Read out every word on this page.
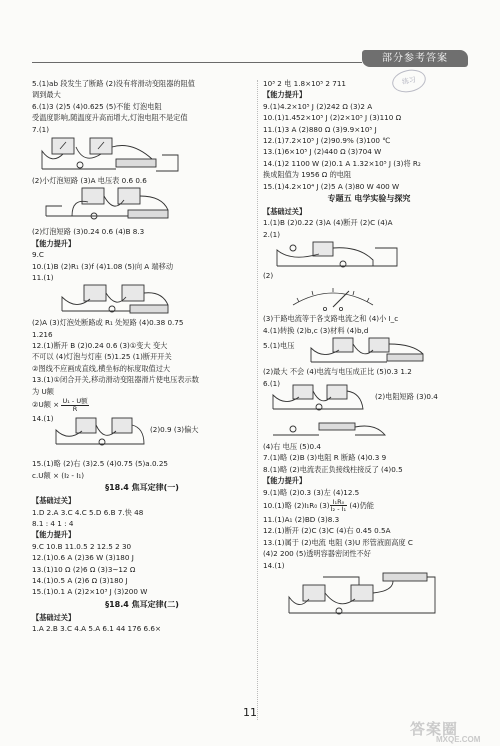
部分参考答案
练习
5.(1)ab 段发生了断路 (2)没有将滑动变阻器的阻值
调到最大
6.(1)3 (2)5 (4)0.625 (5)不能 灯泡电阻
受温度影响,随温度升高而增大,灯泡电阻不是定值
7.(1)
(2)小灯泡短路 (3)A 电压表 0.6 0.6
(2)灯泡短路 (3)0.24 0.6 (4)B 8.3
【能力提升】
9.C
10.(1)B (2)R₁ (3)f (4)1.08 (5)向 A 端移动
11.(1)
(2)A (3)灯泡处断路或 R₁ 处短路 (4)0.38 0.75
1.216
12.(1)断开 B (2)0.24 0.6 (3)①变大 变大
不可以 (4)灯泡与灯座 (5)1.25 (1)断开开关
②图线不应画成直线,横坐标的标度取值过大
13.(1)①闭合开关,移动滑动变阻器滑片使电压表示数
为 U额
②U额 × $\frac{\text{U₁ - U额}}{R}$
14.(1)
(2)0.9 (3)偏大
15.(1)略 (2)右 (3)2.5 (4)0.75 (5)a.0.25
c.U额 × (I₂ - I₁)
§18.4 焦耳定律(一)
【基础过关】
1.D 2.A 3.C 4.C 5.D 6.B 7.快 48
8.1 : 4 1 : 4
【能力提升】
9.C 10.B 11.0.5 2 12.5 2 30
12.(1)0.6 A (2)36 W (3)180 J
13.(1)10 Ω (2)6 Ω (3)3~12 Ω
14.(1)0.5 A (2)6 Ω (3)180 J
15.(1)0.1 A (2)2×10³ J (3)200 W
§18.4 焦耳定律(二)
【基础过关】
1.A 2.B 3.C 4.A 5.A 6.1 44 176 6.6×
10³ 2 电 1.8×10⁵ 2 711
【能力提升】
9.(1)4.2×10⁵ J (2)242 Ω (3)2 A
10.(1)1.452×10⁵ J (2)2×10⁵ J (3)110 Ω
11.(1)3 A (2)880 Ω (3)9.9×10⁵ J
12.(1)7.2×10⁵ J (2)90.9% (3)100 ℃
13.(1)6×10⁵ J (2)440 Ω (3)704 W
14.(1)2 1100 W (2)0.1 A 1.32×10⁵ J (3)将 R₂
换成阻值为 1956 Ω 的电阻
15.(1)4.2×10⁴ J (2)5 A (3)80 W 400 W
专题五 电学实验与探究
【基础过关】
1.(1)B (2)0.22 (3)A (4)断开 (2)C (4)A
2.(1)
(2)
(3)干路电流等于各支路电流之和 (4)小 I_c
4.(1)转换 (2)b,c (3)材料 (4)b,d
5.(1)电压
(2)最大 不会 (4)电流与电压成正比 (5)0.3 1.2
6.(1)
(2)电阻短路 (3)0.4
(4)右 电压 (5)0.4
7.(1)略 (2)B (3)电阻 R 断路 (4)0.3 9
8.(1)略 (2)电流表正负接线柱接反了 (4)0.5
【能力提升】
9.(1)略 (2)0.3 (3)左 (4)12.5
10.(1)略 (2)I₁R₀ $(3) \frac{\text{I₁R₀}}{\text{I₂ - I₁}} (4)$仍能
11.(1)A₁ (2)BD (3)8.3
12.(1)断开 (2)C (3)C (4)右 0.45 0.5A
13.(1)属于 (2)电流 电阻 (3)U 形管液面高度 C
(4)2 200 (5)透明容器密闭性不好
14.(1)
11
答案圈
MXQE.COM
